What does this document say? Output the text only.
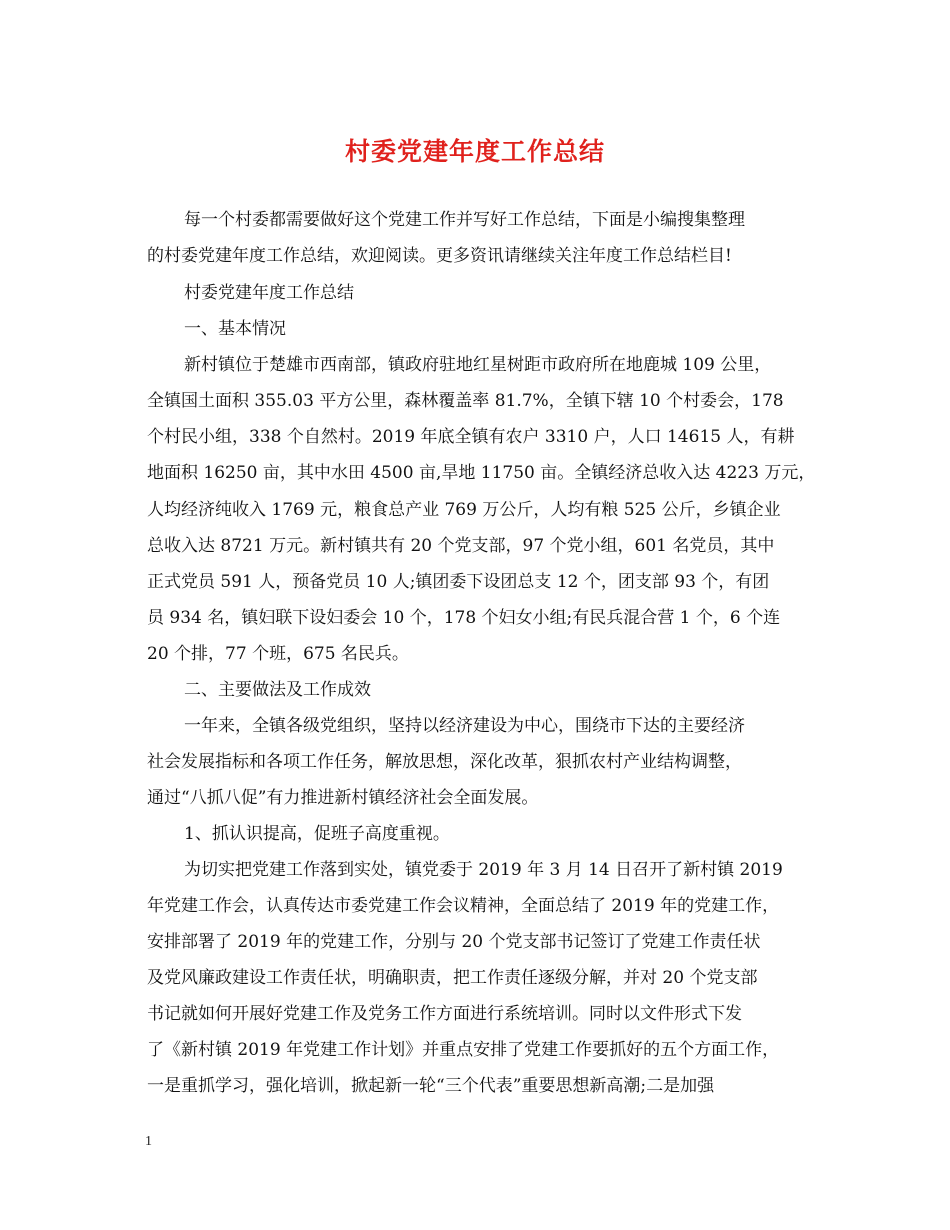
村委党建年度工作总结

每一个村委都需要做好这个党建工作并写好工作总结，下面是小编搜集整理

的村委党建年度工作总结，欢迎阅读。更多资讯请继续关注年度工作总结栏目!

村委党建年度工作总结

一、基本情况

新村镇位于楚雄市西南部，镇政府驻地红星树距市政府所在地鹿城 109 公里，

全镇国土面积 355.03 平方公里，森林覆盖率 81.7%，全镇下辖 10 个村委会，178

个村民小组，338 个自然村。2019 年底全镇有农户 3310 户，人口 14615 人，有耕

地面积 16250 亩，其中水田 4500 亩,旱地 11750 亩。全镇经济总收入达 4223 万元，

人均经济纯收入 1769 元，粮食总产业 769 万公斤，人均有粮 525 公斤，乡镇企业

总收入达 8721 万元。新村镇共有 20 个党支部，97 个党小组，601 名党员，其中

正式党员 591 人，预备党员 10 人;镇团委下设团总支 12 个，团支部 93 个，有团

员 934 名，镇妇联下设妇委会 10 个，178 个妇女小组;有民兵混合营 1 个，6 个连

20 个排，77 个班，675 名民兵。

二、主要做法及工作成效

一年来，全镇各级党组织，坚持以经济建设为中心，围绕市下达的主要经济

社会发展指标和各项工作任务，解放思想，深化改革，狠抓农村产业结构调整，

通过“八抓八促”有力推进新村镇经济社会全面发展。

1、抓认识提高，促班子高度重视。

为切实把党建工作落到实处，镇党委于 2019 年 3 月 14 日召开了新村镇 2019

年党建工作会，认真传达市委党建工作会议精神，全面总结了 2019 年的党建工作，

安排部署了 2019 年的党建工作，分别与 20 个党支部书记签订了党建工作责任状

及党风廉政建设工作责任状，明确职责，把工作责任逐级分解，并对 20 个党支部

书记就如何开展好党建工作及党务工作方面进行系统培训。同时以文件形式下发

了《新村镇 2019 年党建工作计划》并重点安排了党建工作要抓好的五个方面工作，

一是重抓学习，强化培训，掀起新一轮“三个代表”重要思想新高潮;二是加强

1
